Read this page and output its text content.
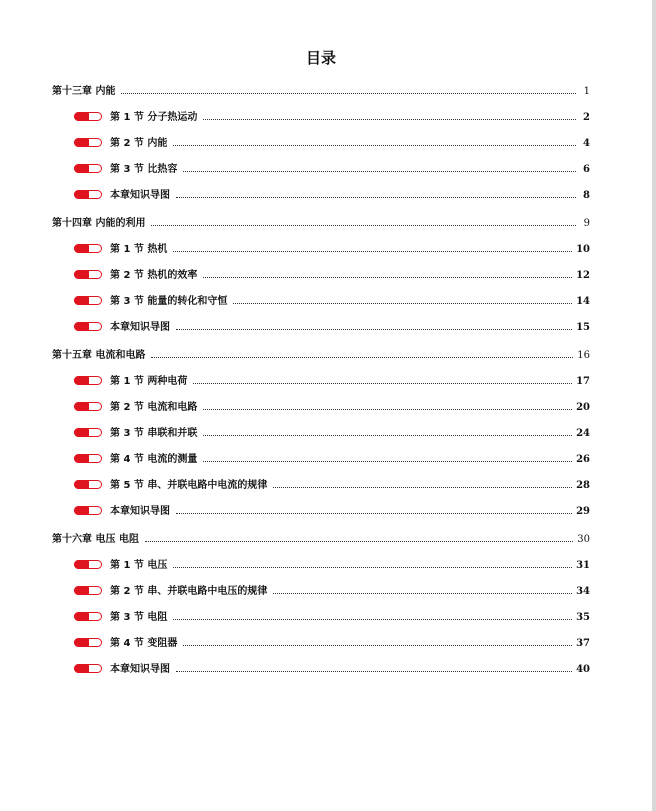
目录
第十三章 内能	1
第 1 节 分子热运动	2
第 2 节 内能	4
第 3 节 比热容	6
本章知识导图	8
第十四章 内能的利用	9
第 1 节 热机	10
第 2 节 热机的效率	12
第 3 节 能量的转化和守恒	14
本章知识导图	15
第十五章 电流和电路	16
第 1 节 两种电荷	17
第 2 节 电流和电路	20
第 3 节 串联和并联	24
第 4 节 电流的测量	26
第 5 节 串、并联电路中电流的规律	28
本章知识导图	29
第十六章 电压 电阻	30
第 1 节 电压	31
第 2 节 串、并联电路中电压的规律	34
第 3 节 电阻	35
第 4 节 变阻器	37
本章知识导图	40
